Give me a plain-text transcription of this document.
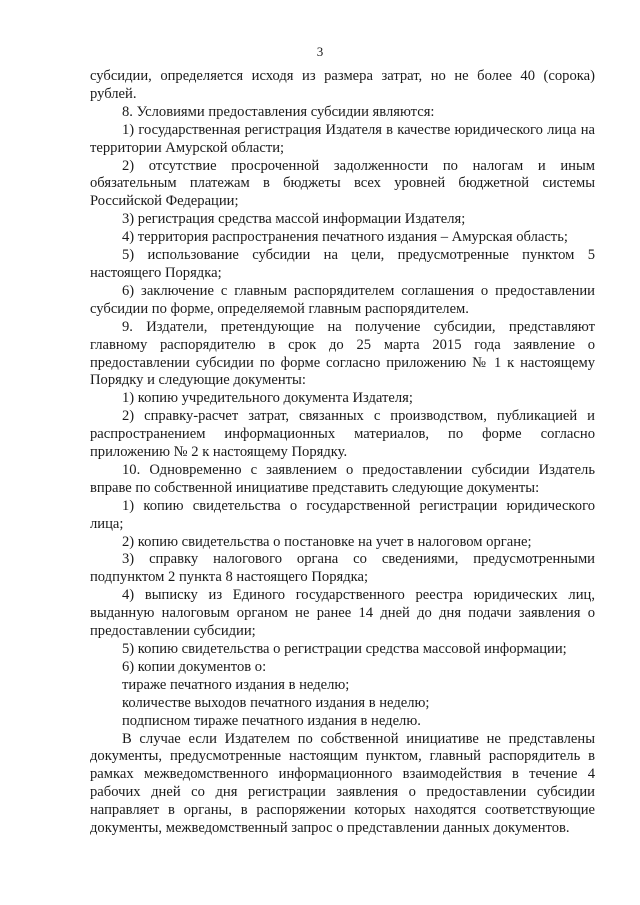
3

субсидии, определяется исходя из размера затрат, но не более 40 (сорока) рублей.

8. Условиями предоставления субсидии являются:

1) государственная регистрация Издателя в качестве юридического лица на территории Амурской области;

2) отсутствие просроченной задолженности по налогам и иным обязательным платежам в бюджеты всех уровней бюджетной системы Российской Федерации;

3) регистрация средства массой информации Издателя;

4) территория распространения печатного издания – Амурская область;

5) использование субсидии на цели, предусмотренные пунктом 5 настоящего Порядка;

6) заключение с главным распорядителем соглашения о предоставлении субсидии по форме, определяемой главным распорядителем.

9. Издатели, претендующие на получение субсидии, представляют главному распорядителю в срок до 25 марта 2015 года заявление о предоставлении субсидии по форме согласно приложению № 1 к настоящему Порядку и следующие документы:

1) копию учредительного документа Издателя;

2) справку-расчет затрат, связанных с производством, публикацией и распространением информационных материалов, по форме согласно приложению № 2 к настоящему Порядку.

10. Одновременно с заявлением о предоставлении субсидии Издатель вправе по собственной инициативе представить следующие документы:

1) копию свидетельства о государственной регистрации юридического лица;

2) копию свидетельства о постановке на учет в налоговом органе;

3) справку налогового органа со сведениями, предусмотренными подпунктом 2 пункта 8 настоящего Порядка;

4) выписку из Единого государственного реестра юридических лиц, выданную налоговым органом не ранее 14 дней до дня подачи заявления о предоставлении субсидии;

5) копию свидетельства о регистрации средства массовой информации;

6) копии документов о:

тираже печатного издания в неделю;

количестве выходов печатного издания в неделю;

подписном тираже печатного издания в неделю.

В случае если Издателем по собственной инициативе не представлены документы, предусмотренные настоящим пунктом, главный распорядитель в рамках межведомственного информационного взаимодействия в течение 4 рабочих дней со дня регистрации заявления о предоставлении субсидии направляет в органы, в распоряжении которых находятся соответствующие документы, межведомственный запрос о представлении данных документов.
